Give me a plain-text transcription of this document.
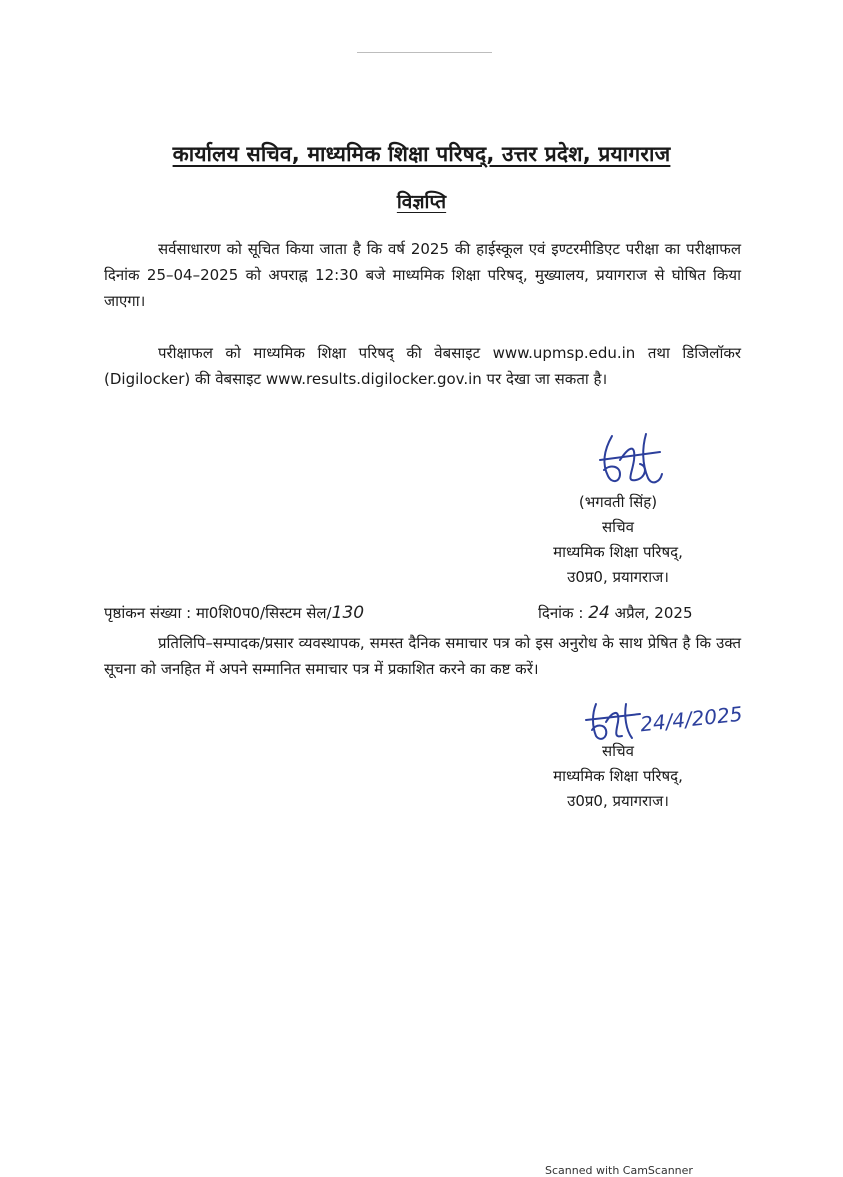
कार्यालय सचिव, माध्यमिक शिक्षा परिषद्, उत्तर प्रदेश, प्रयागराज
विज्ञप्ति
सर्वसाधारण को सूचित किया जाता है कि वर्ष 2025 की हाईस्कूल एवं इण्टरमीडिएट परीक्षा का परीक्षाफल दिनांक 25–04–2025 को अपराह्न 12:30 बजे माध्यमिक शिक्षा परिषद्, मुख्यालय, प्रयागराज से घोषित किया जाएगा।
परीक्षाफल को माध्यमिक शिक्षा परिषद् की वेबसाइट www.upmsp.edu.in तथा डिजिलॉकर (Digilocker) की वेबसाइट www.results.digilocker.gov.in पर देखा जा सकता है।
(भगवती सिंह)
सचिव
माध्यमिक शिक्षा परिषद्,
उ0प्र0, प्रयागराज।
पृष्ठांकन संख्या : मा0शि0प0/सिस्टम सेल/130	दिनांक : 24 अप्रैल, 2025
प्रतिलिपि–सम्पादक/प्रसार व्यवस्थापक, समस्त दैनिक समाचार पत्र को इस अनुरोध के साथ प्रेषित है कि उक्त सूचना को जनहित में अपने सम्मानित समाचार पत्र में प्रकाशित करने का कष्ट करें।
24/4/2025
सचिव
माध्यमिक शिक्षा परिषद्,
उ0प्र0, प्रयागराज।
Scanned with CamScanner
